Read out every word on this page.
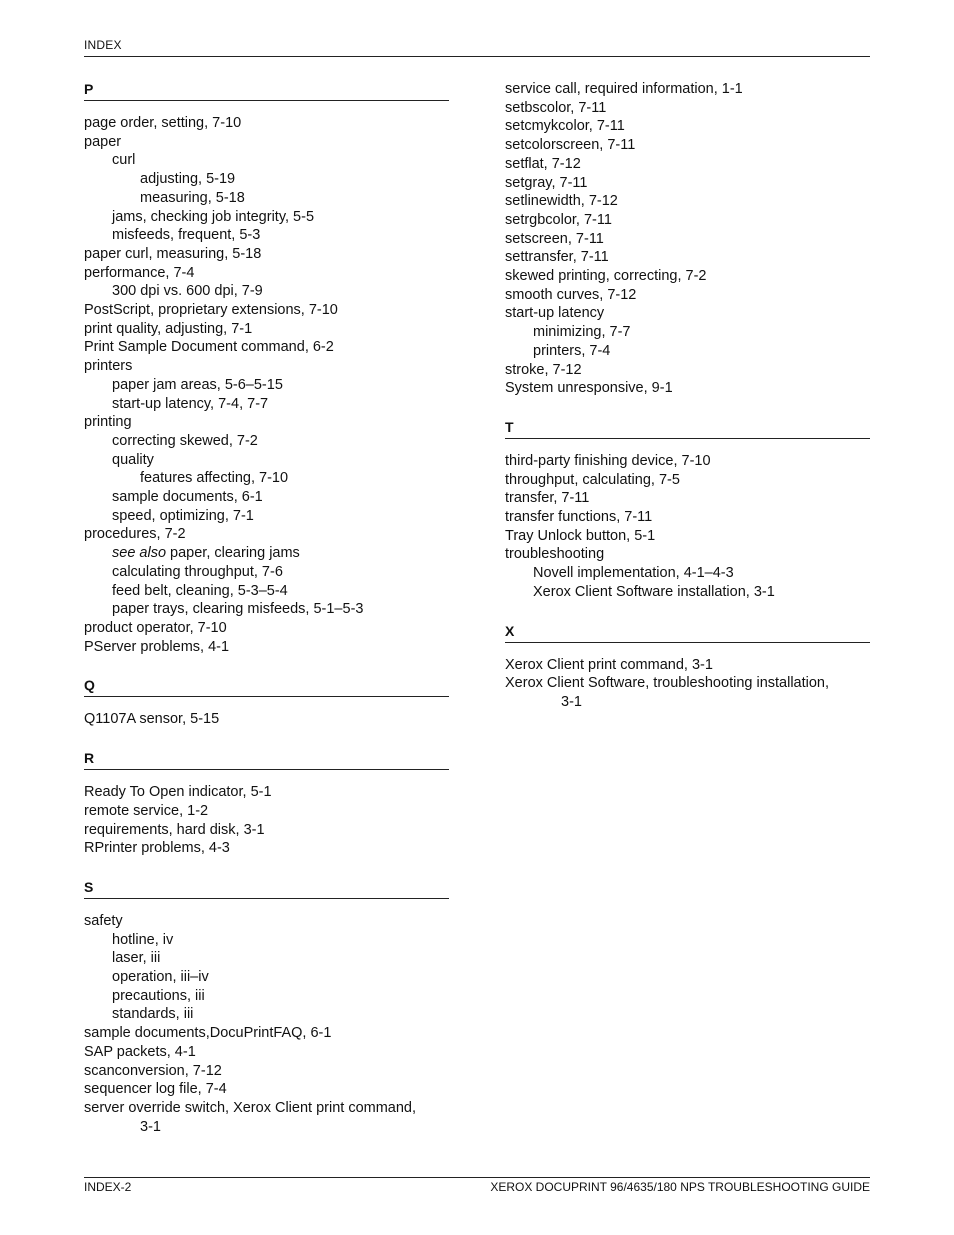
INDEX
P
page order, setting, 7-10
paper
curl
adjusting, 5-19
measuring, 5-18
jams, checking job integrity, 5-5
misfeeds, frequent, 5-3
paper curl, measuring, 5-18
performance, 7-4
300 dpi vs. 600 dpi, 7-9
PostScript, proprietary extensions, 7-10
print quality, adjusting, 7-1
Print Sample Document command, 6-2
printers
paper jam areas, 5-6–5-15
start-up latency, 7-4, 7-7
printing
correcting skewed, 7-2
quality
features affecting, 7-10
sample documents, 6-1
speed, optimizing, 7-1
procedures, 7-2
see also paper, clearing jams
calculating throughput, 7-6
feed belt, cleaning, 5-3–5-4
paper trays, clearing misfeeds, 5-1–5-3
product operator, 7-10
PServer problems, 4-1
Q
Q1107A sensor, 5-15
R
Ready To Open indicator, 5-1
remote service, 1-2
requirements, hard disk, 3-1
RPrinter problems, 4-3
S
safety
hotline, iv
laser, iii
operation, iii–iv
precautions, iii
standards, iii
sample documents,DocuPrintFAQ, 6-1
SAP packets, 4-1
scanconversion, 7-12
sequencer log file, 7-4
server override switch, Xerox Client print command,
3-1
service call, required information, 1-1
setbscolor, 7-11
setcmykcolor, 7-11
setcolorscreen, 7-11
setflat, 7-12
setgray, 7-11
setlinewidth, 7-12
setrgbcolor, 7-11
setscreen, 7-11
settransfer, 7-11
skewed printing, correcting, 7-2
smooth curves, 7-12
start-up latency
minimizing, 7-7
printers, 7-4
stroke, 7-12
System unresponsive, 9-1
T
third-party finishing device, 7-10
throughput, calculating, 7-5
transfer, 7-11
transfer functions, 7-11
Tray Unlock button, 5-1
troubleshooting
Novell implementation, 4-1–4-3
Xerox Client Software installation, 3-1
X
Xerox Client print command, 3-1
Xerox Client Software, troubleshooting installation,
3-1
INDEX-2	XEROX DOCUPRINT 96/4635/180 NPS TROUBLESHOOTING GUIDE
